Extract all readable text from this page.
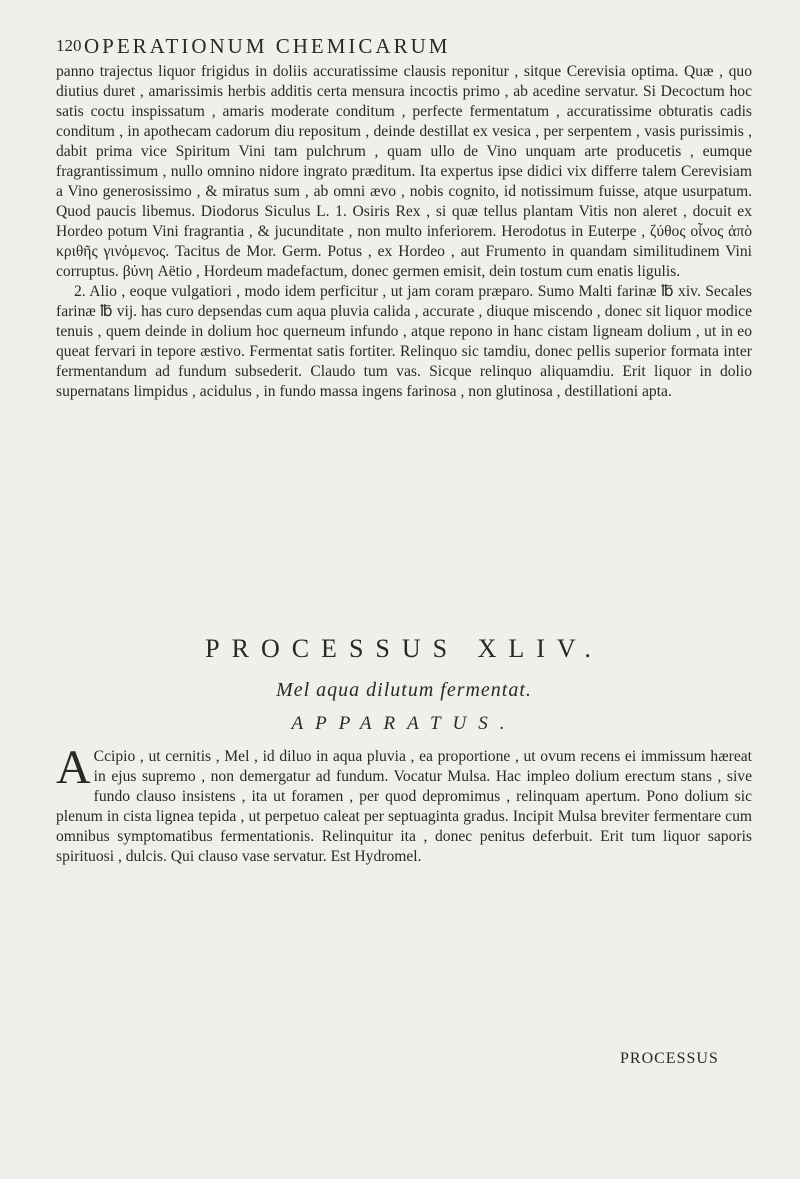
120 OPERATIONUM CHEMICARUM

panno trajectus liquor frigidus in doliis accuratissime clausis reponitur , sitque Cerevisia optima. Quæ , quo diutius duret , amarissimis herbis additis certa mensura incoctis primo , ab acedine servatur. Si Decoctum hoc satis coctu inspissatum , amaris moderate conditum , perfecte fermentatum , accuratissime obturatis cadis conditum , in apothecam cadorum diu repositum , deinde destillat ex vesica , per serpentem , vasis purissimis , dabit prima vice Spiritum Vini tam pulchrum , quam ullo de Vino unquam arte producetis , eumque fragrantissimum , nullo omnino nidore ingrato præditum. Ita expertus ipse didici vix differre talem Cerevisiam a Vino generosissimo , & miratus sum , ab omni ævo , nobis cognito, id notissimum fuisse, atque usurpatum. Quod paucis libemus. Diodorus Siculus L. 1. Osiris Rex , si quæ tellus plantam Vitis non aleret , docuit ex Hordeo potum Vini fragrantia , & jucunditate , non multo inferiorem. Herodotus in Euterpe , ζύθος οἶνος ἀπὸ κριθῆς γινόμενος. Tacitus de Mor. Germ. Potus , ex Hordeo , aut Frumento in quandam similitudinem Vini corruptus. βύνη Aëtio , Hordeum madefactum, donec germen emisit, dein tostum cum enatis ligulis.

2. Alio , eoque vulgatiori , modo idem perficitur , ut jam coram præparo. Sumo Malti farinæ ℔ xiv. Secales farinæ ℔ vij. has curo depsendas cum aqua pluvia calida , accurate , diuque miscendo , donec sit liquor modice tenuis , quem deinde in dolium hoc querneum infundo , atque repono in hanc cistam ligneam dolium , ut in eo queat fervari in tepore æstivo. Fermentat satis fortiter. Relinquo sic tamdiu, donec pellis superior formata inter fermentandum ad fundum subsederit. Claudo tum vas. Sicque relinquo aliquamdiu. Erit liquor in dolio supernatans limpidus , acidulus , in fundo massa ingens farinosa , non glutinosa , destillationi apta.

PROCESSUS XLIV.
Mel aqua dilutum fermentat.
APPARATUS.

A Ccipio , ut cernitis , Mel , id diluo in aqua pluvia , ea proportione , ut ovum recens ei immissum hæreat in ejus supremo , non demergatur ad fundum. Vocatur Mulsa. Hac impleo dolium erectum stans , sive fundo clauso insistens , ita ut foramen , per quod depromimus , relinquam apertum. Pono dolium sic plenum in cista lignea tepida , ut perpetuo caleat per septuaginta gradus. Incipit Mulsa breviter fermentare cum omnibus symptomatibus fermentationis. Relinquitur ita , donec penitus deferbuit. Erit tum liquor saporis spirituosi , dulcis. Qui clauso vase servatur. Est Hydromel.

PROCESSUS
